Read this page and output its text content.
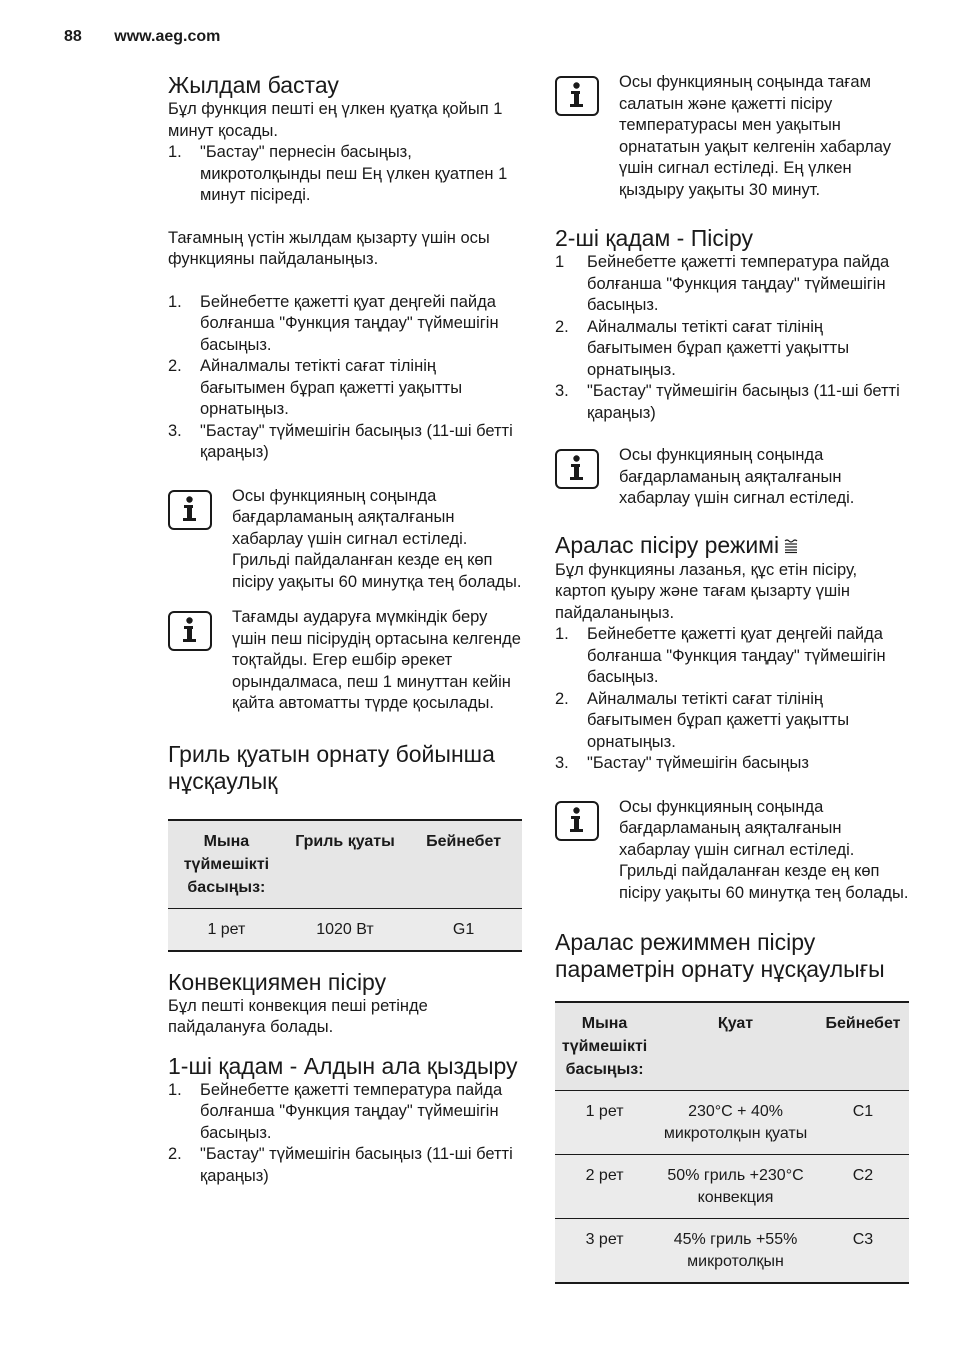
88 www.aeg.com
Жылдам бастау

Бұл функция пешті ең үлкен қуатқа қойып 1 минут қосады.

1. "Бастау" пернесін басыңыз, микротолқынды пеш Ең үлкен қуатпен 1 минут пісіреді.

Тағамның үстін жылдам қызарту үшін осы функцияны пайдаланыңыз.

1. Бейнебетте қажетті қуат деңгейі пайда болғанша "Функция таңдау" түймешігін басыңыз.
2. Айналмалы тетікті сағат тілінің бағытымен бұрап қажетті уақытты орнатыңыз.
3. "Бастау" түймешігін басыңыз (11-ші бетті қараңыз)
Осы функцияның соңында бағдарламаның аяқталғанын хабарлау үшін сигнал естіледі. Грильді пайдаланған кезде ең көп пісіру уақыты 60 минутқа тең болады.
Тағамды аударуға мүмкіндік беру үшін пеш пісірудің ортасына келгенде тоқтайды. Егер ешбір әрекет орындалмаса, пеш 1 минуттан кейін қайта автоматты түрде қосылады.
Гриль қуатын орнату бойынша нұсқаулық
Мына түймешікті басыңыз:	Гриль қуаты	Бейнебет
1 рет	1020 Вт	G1
Конвекциямен пісіру

Бұл пешті конвекция пеші ретінде пайдалануға болады.

1-ші қадам - Алдын ала қыздыру
1. Бейнебетте қажетті температура пайда болғанша "Функция таңдау" түймешігін басыңыз.
2. "Бастау" түймешігін басыңыз (11-ші бетті қараңыз)
Осы функцияның соңында тағам салатын және қажетті пісіру температурасы мен уақытын орнататын уақыт келгенін хабарлау үшін сигнал естіледі. Ең үлкен қыздыру уақыты 30 минут.
2-ші қадам - Пісіру
1 Бейнебетте қажетті температура пайда болғанша "Функция таңдау" түймешігін басыңыз.
2. Айналмалы тетікті сағат тілінің бағытымен бұрап қажетті уақытты орнатыңыз.
3. "Бастау" түймешігін басыңыз (11-ші бетті қараңыз)
Осы функцияның соңында бағдарламаның аяқталғанын хабарлау үшін сигнал естіледі.
Аралас пісіру режимі

Бұл функцияны лазанья, құс етін пісіру, картоп қуыру және тағам қызарту үшін пайдаланыңыз.

1. Бейнебетте қажетті қуат деңгейі пайда болғанша "Функция таңдау" түймешігін басыңыз.
2. Айналмалы тетікті сағат тілінің бағытымен бұрап қажетті уақытты орнатыңыз.
3. "Бастау" түймешігін басыңыз
Осы функцияның соңында бағдарламаның аяқталғанын хабарлау үшін сигнал естіледі. Грильді пайдаланған кезде ең көп пісіру уақыты 60 минутқа тең болады.
Аралас режиммен пісіру параметрін орнату нұсқаулығы
Мына түймешікті басыңыз:	Қуат	Бейнебет
1 рет	230°C + 40% микротолқын қуаты	C1
2 рет	50% гриль +230°C конвекция	C2
3 рет	45% гриль +55% микротолқын	C3
